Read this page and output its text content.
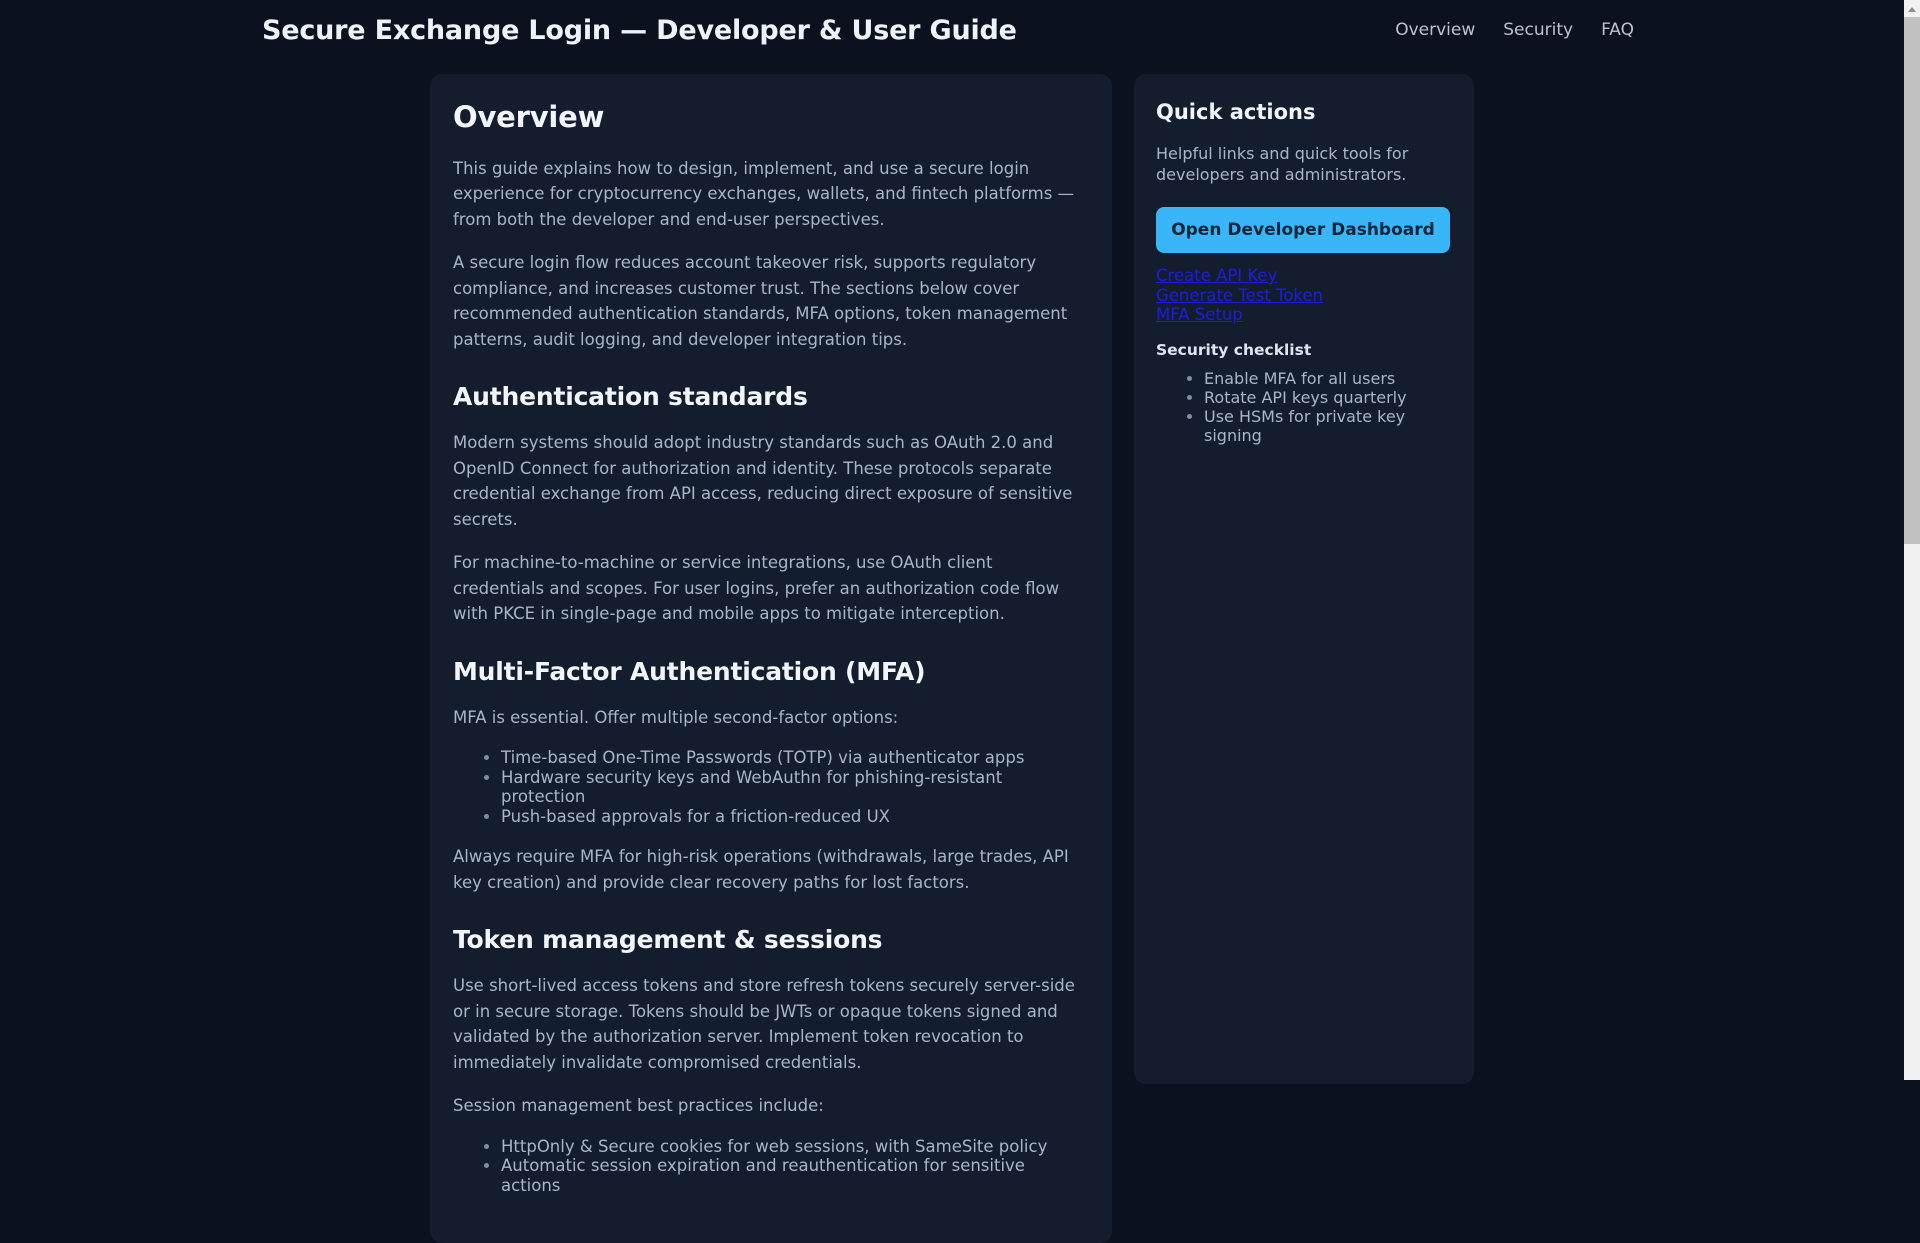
Secure Exchange Login — Developer & User Guide	Overview Security FAQ
Overview

This guide explains how to design, implement, and use a secure login experience for cryptocurrency exchanges, wallets, and fintech platforms — from both the developer and end-user perspectives.

A secure login flow reduces account takeover risk, supports regulatory compliance, and increases customer trust. The sections below cover recommended authentication standards, MFA options, token management patterns, audit logging, and developer integration tips.

Authentication standards

Modern systems should adopt industry standards such as OAuth 2.0 and OpenID Connect for authorization and identity. These protocols separate credential exchange from API access, reducing direct exposure of sensitive secrets.

For machine-to-machine or service integrations, use OAuth client credentials and scopes. For user logins, prefer an authorization code flow with PKCE in single-page and mobile apps to mitigate interception.

Multi-Factor Authentication (MFA)

MFA is essential. Offer multiple second-factor options:

• Time-based One-Time Passwords (TOTP) via authenticator apps
• Hardware security keys and WebAuthn for phishing-resistant protection
• Push-based approvals for a friction-reduced UX

Always require MFA for high-risk operations (withdrawals, large trades, API key creation) and provide clear recovery paths for lost factors.

Token management & sessions

Use short-lived access tokens and store refresh tokens securely server-side or in secure storage. Tokens should be JWTs or opaque tokens signed and validated by the authorization server. Implement token revocation to immediately invalidate compromised credentials.

Session management best practices include:

• HttpOnly & Secure cookies for web sessions, with SameSite policy
• Automatic session expiration and reauthentication for sensitive actions
Quick actions
Helpful links and quick tools for developers and administrators.
Open Developer Dashboard
Create API Key
Generate Test Token
MFA Setup
Security checklist
• Enable MFA for all users
• Rotate API keys quarterly
• Use HSMs for private key signing
